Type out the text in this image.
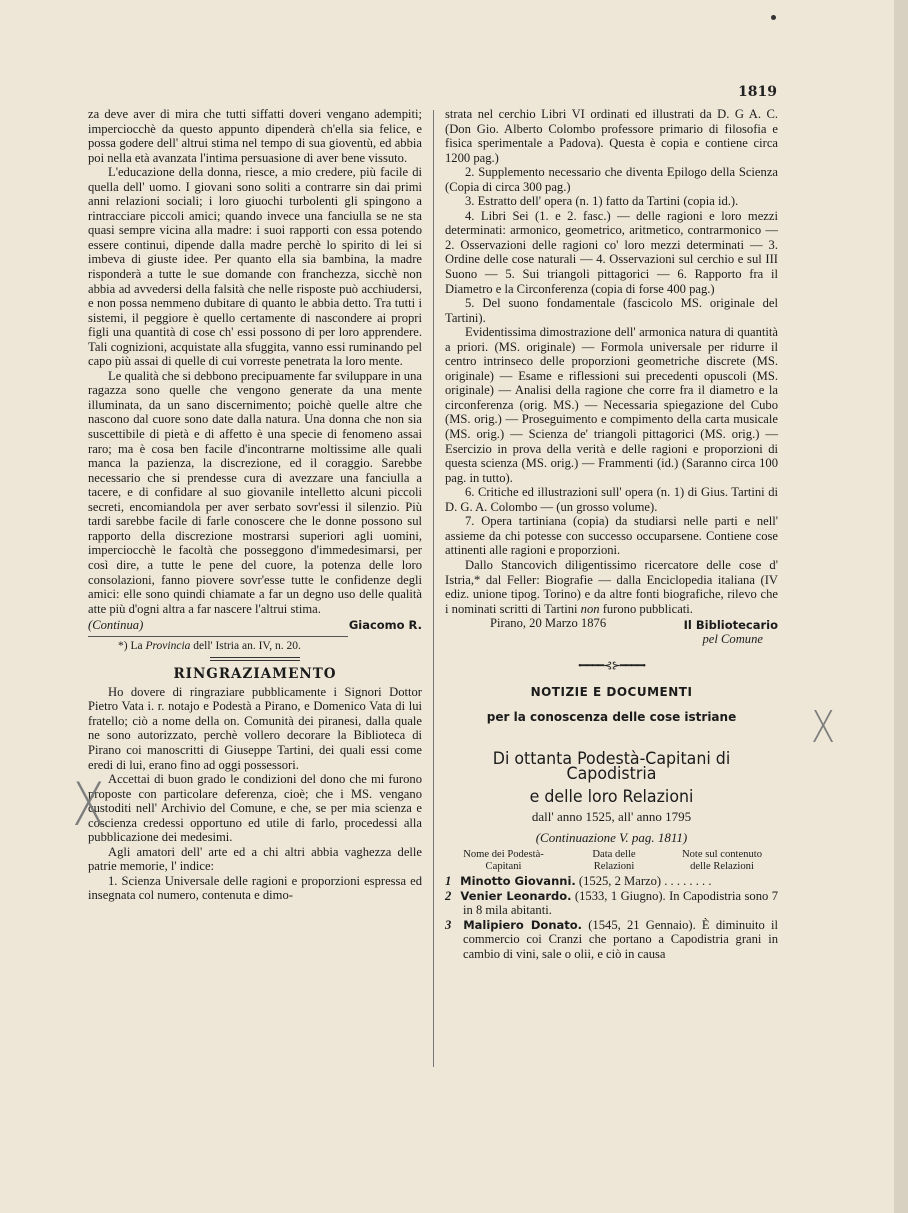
1819

za deve aver di mira che tutti siffatti doveri vengano adempiti; imperciocchè da questo appunto dipenderà ch'ella sia felice, e possa godere dell' altrui stima nel tempo di sua gioventù, ed abbia poi nella età avanzata l'intima persuasione di aver bene vissuto.

L'educazione della donna, riesce, a mio credere, più facile di quella dell' uomo. I giovani sono soliti a contrarre sin dai primi anni relazioni sociali; i loro giuochi turbolenti gli spingono a rintracciare piccoli amici; quando invece una fanciulla se ne sta quasi sempre vicina alla madre: i suoi rapporti con essa potendo essere continui, dipende dalla madre perchè lo spirito di lei si imbeva di giuste idee. Per quanto ella sia bambina, la madre risponderà a tutte le sue domande con franchezza, sicchè non abbia ad avvedersi della falsità che nelle risposte può acchiudersi, e non possa nemmeno dubitare di quanto le abbia detto. Tra tutti i sistemi, il peggiore è quello certamente di nascondere ai propri figli una quantità di cose ch' essi possono di per loro apprendere. Tali cognizioni, acquistate alla sfuggita, vanno essi ruminando pel capo più assai di quelle di cui vorreste penetrata la loro mente.

Le qualità che si debbono precipuamente far sviluppare in una ragazza sono quelle che vengono generate da una mente illuminata, da un sano discernimento; poichè quelle altre che nascono dal cuore sono date dalla natura. Una donna che non sia suscettibile di pietà e di affetto è una specie di fenomeno assai raro; ma è cosa ben facile d'incontrarne moltissime alle quali manca la pazienza, la discrezione, ed il coraggio. Sarebbe necessario che si prendesse cura di avezzare una fanciulla a tacere, e di confidare al suo giovanile intelletto alcuni piccoli secreti, encomiandola per aver serbato sovr'essi il silenzio. Più tardi sarebbe facile di farle conoscere che le donne possono sul rapporto della discrezione mostrarsi superiori agli uomini, imperciocchè le facoltà che posseggono d'immedesimarsi, per così dire, a tutte le pene del cuore, la potenza delle loro consolazioni, fanno piovere sovr'esse tutte le confidenze degli amici: elle sono quindi chiamate a far un degno uso delle qualità atte più d'ogni altra a far nascere l'altrui stima.

(Continua)	Giacomo R.
*) La Provincia dell' Istria an. IV, n. 20.
RINGRAZIAMENTO

Ho dovere di ringraziare pubblicamente i Signori Dottor Pietro Vata i. r. notajo e Podestà a Pirano, e Domenico Vata di lui fratello; ciò a nome della on. Comunità dei piranesi, dalla quale ne sono autorizzato, perchè vollero decorare la Biblioteca di Pirano coi manoscritti di Giuseppe Tartini, dei quali essi come eredi di lui, erano fino ad oggi possessori.

Accettai di buon grado le condizioni del dono che mi furono proposte con particolare deferenza, cioè; che i MS. vengano custoditi nell' Archivio del Comune, e che, se per mia scienza e coscienza credessi opportuno ed utile di farlo, procedessi alla pubblicazione dei medesimi.

Agli amatori dell' arte ed a chi altri abbia vaghezza delle patrie memorie, l' indice:

1. Scienza Universale delle ragioni e proporzioni espressa ed insegnata col numero, contenuta e dimo-

strata nel cerchio Libri VI ordinati ed illustrati da D. G A. C. (Don Gio. Alberto Colombo professore primario di filosofia e fisica sperimentale a Padova). Questa è copia e contiene circa 1200 pag.)

2. Supplemento necessario che diventa Epilogo della Scienza (Copia di circa 300 pag.)

3. Estratto dell' opera (n. 1) fatto da Tartini (copia id.).

4. Libri Sei (1. e 2. fasc.) — delle ragioni e loro mezzi determinati: armonico, geometrico, aritmetico, contrarmonico — 2. Osservazioni delle ragioni co' loro mezzi determinati — 3. Ordine delle cose naturali — 4. Osservazioni sul cerchio e sul III Suono — 5. Sui triangoli pittagorici — 6. Rapporto fra il Diametro e la Circonferenza (copia di forse 400 pag.)

5. Del suono fondamentale (fascicolo MS. originale del Tartini).

Evidentissima dimostrazione dell' armonica natura di quantità a priori. (MS. originale) — Formola universale per ridurre il centro intrinseco delle proporzioni geometriche discrete (MS. originale) — Esame e riflessioni sui precedenti opuscoli (MS. originale) — Analisi della ragione che corre fra il diametro e la circonferenza (orig. MS.) — Necessaria spiegazione del Cubo (MS. orig.) — Proseguimento e compimento della carta musicale (MS. orig.) — Scienza de' triangoli pittagorici (MS. orig.) — Esercizio in prova della verità e delle ragioni e proporzioni di questa scienza (MS. orig.) — Frammenti (id.) (Saranno circa 100 pag. in tutto).

6. Critiche ed illustrazioni sull' opera (n. 1) di Gius. Tartini di D. G. A. Colombo — (un grosso volume).

7. Opera tartiniana (copia) da studiarsi nelle parti e nell' assieme da chi potesse con successo occuparsene. Contiene cose attinenti alle ragioni e proporzioni.

Dallo Stancovich diligentissimo ricercatore delle cose d' Istria,* dal Feller: Biografie — dalla Enciclopedia italiana (IV ediz. unione tipog. Torino) e da altre fonti biografiche, rilevo che i nominati scritti di Tartini non furono pubblicati.

Pirano, 20 Marzo 1876	Il Bibliotecario
pel Comune
•━━━━⊰⊱━━━━•
NOTIZIE E DOCUMENTI
per la conoscenza delle cose istriane
Di ottanta Podestà-Capitani di Capodistria
e delle loro Relazioni
dall' anno 1525, all' anno 1795
(Continuazione V. pag. 1811)
Nome dei Podestà-Capitani
Data delle Relazioni
Note sul contenuto delle Relazioni

1 Minotto Giovanni. (1525, 2 Marzo) . . . . . . . .

2 Venier Leonardo. (1533, 1 Giugno). In Capodistria sono 7 in 8 mila abitanti.

3 Malipiero Donato. (1545, 21 Gennaio). È diminuito il commercio coi Cranzi che portano a Capodistria grani in cambio di vini, sale o olii, e ciò in causa

X
X
